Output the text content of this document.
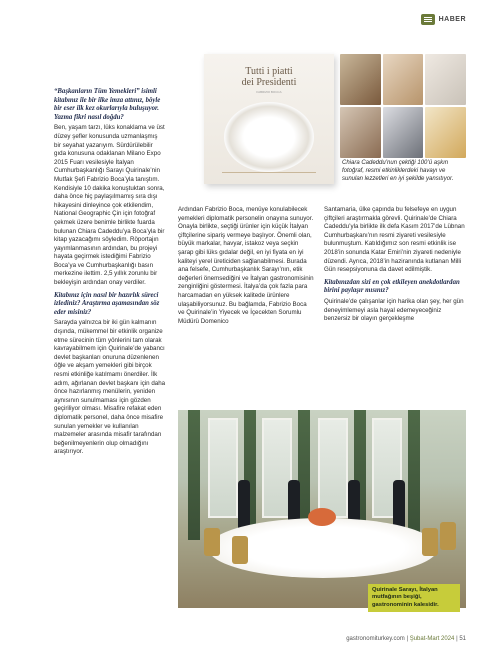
HABER
Tutti i piatti
dei Presidenti
FABRIZIO BOCCA
Chiara Cadeddu’nun çektiği 100’ü aşkın fotoğraf, resmi etkinliklerdeki havayı ve sunulan lezzetleri en iyi şekilde yansıtıyor.
“Başkanların Tüm Yemekleri” isimli kitabınız ile bir ilke imza attınız, böyle bir eser ilk kez okurlarıyla buluşuyor. Yazma fikri nasıl doğdu?

Ben, yaşam tarzı, lüks konaklama ve üst düzey şefler konusunda uzmanlaşmış bir seyahat yazarıyım. Sürdürülebilir gıda konusuna odaklanan Milano Expo 2015 Fuarı vesilesiyle İtalyan Cumhurbaşkanlığı Sarayı Quirinale’nin Mutfak Şefi Fabrizio Boca’yla tanıştım. Kendisiyle 10 dakika konuştuktan sonra, daha önce hiç paylaşılmamış sıra dışı hikayesini dinleyince çok etkilendim, National Geographic Çin için fotoğraf çekmek üzere benimle birlikte fuarda bulunan Chiara Cadeddu’ya Boca’yla bir kitap yazacağımı söyledim. Röportajın yayımlanmasının ardından, bu projeyi hayata geçirmek istediğimi Fabrizio Boca’ya ve Cumhurbaşkanlığı basın merkezine ilettim. 2,5 yıllık zorunlu bir bekleyişin ardından onay verdiler.

Kitabınız için nasıl bir hazırlık süreci izlediniz? Araştırma aşamasından söz eder misiniz?

Sarayda yalnızca bir iki gün kalmanın dışında, mükemmel bir etkinlik organize etme sürecinin tüm yönlerini tam olarak kavrayabilmem için Quirinale’de yabancı devlet başkanları onuruna düzenlenen öğle ve akşam yemekleri gibi birçok resmi etkinliğe katılmamı önerdiler. İlk adım, ağırlanan devlet başkanı için daha önce hazırlanmış menülerin, yeniden aynısının sunulmaması için gözden geçiriliyor olması. Misafire refakat eden diplomatik personel, daha önce misafire sunulan yemekler ve kullanılan malzemeler arasında misafir tarafından beğenilmeyenlerin olup olmadığını araştırıyor.

Ardından Fabrizio Boca, menüye konulabilecek yemekleri diplomatik personelin onayına sunuyor. Onayla birlikte, seçtiği ürünler için küçük İtalyan çiftçilerine sipariş vermeye başlıyor. Önemli olan, büyük markalar, havyar, istakoz veya seçkin şarap gibi lüks gıdalar değil, en iyi fiyata en iyi kaliteyi yerel üreticiden sağlanabilmesi. Burada ana felsefe, Cumhurbaşkanlık Sarayı’nın, etik değerleri önemsediğini ve İtalyan gastronomisinin zenginliğini göstermesi. İtalya’da çok fazla para harcamadan en yüksek kalitede ürünlere ulaşabiliyorsunuz. Bu bağlamda, Fabrizio Boca ve Quirinale’in Yiyecek ve İçecekten Sorumlu Müdürü Domenico

Santamaria, ülke çapında bu felsefeye en uygun çiftçileri araştırmakla görevli. Quirinale’de Chiara Cadeddu’yla birlikte ilk defa Kasım 2017’de Lübnan Cumhurbaşkanı’nın resmi ziyareti vesilesiyle bulunmuştum. Katıldığımız son resmi etkinlik ise 2018’in sonunda Katar Emiri’nin ziyareti nedeniyle düzendi. Ayrıca, 2018’in haziranında kutlanan Milli Gün resepsiyonuna da davet edilmiştik.

Kitabınızdan sizi en çok etkileyen anekdotlardan birini paylaşır mısınız?

Quirinale’de çalışanlar için harika olan şey, her gün deneyimlemeyi asla hayal edemeyeceğiniz benzersiz bir olayın gerçekleşme

Quirinale Sarayı, İtalyan mutfağının beşiği, gastronominin kalesidir.
gastronomiturkey.com | Şubat-Mart 2024 | 51
